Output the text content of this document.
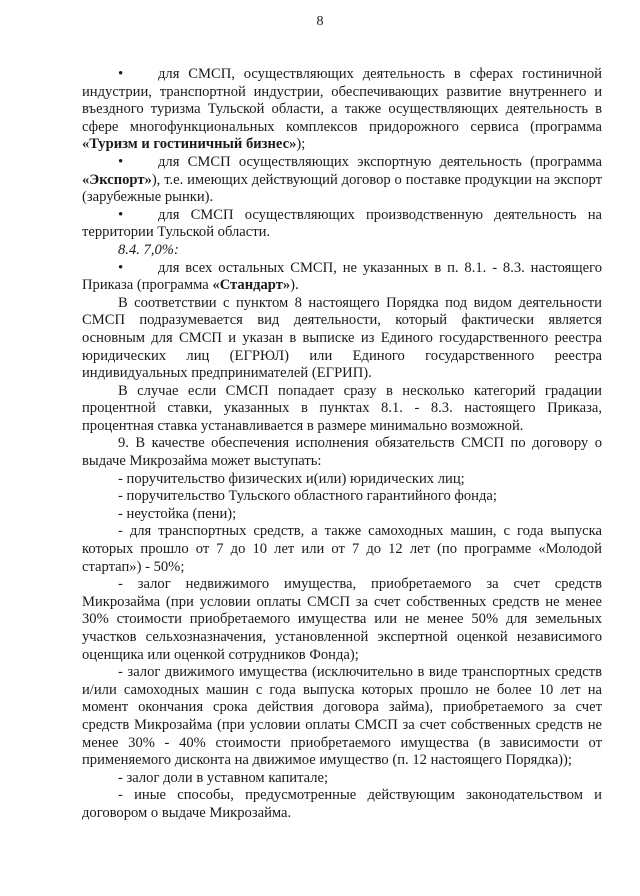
8

• для СМСП, осуществляющих деятельность в сферах гостиничной индустрии, транспортной индустрии, обеспечивающих развитие внутреннего и въездного туризма Тульской области, а также осуществляющих деятельность в сфере многофункциональных комплексов придорожного сервиса (программа «Туризм и гостиничный бизнес»);

• для СМСП осуществляющих экспортную деятельность (программа «Экспорт»), т.е. имеющих действующий договор о поставке продукции на экспорт (зарубежные рынки).

• для СМСП осуществляющих производственную деятельность на территории Тульской области.

8.4. 7,0%:

• для всех остальных СМСП, не указанных в п. 8.1. - 8.3. настоящего Приказа (программа «Стандарт»).

В соответствии с пунктом 8 настоящего Порядка под видом деятельности СМСП подразумевается вид деятельности, который фактически является основным для СМСП и указан в выписке из Единого государственного реестра юридических лиц (ЕГРЮЛ) или Единого государственного реестра индивидуальных предпринимателей (ЕГРИП).

В случае если СМСП попадает сразу в несколько категорий градации процентной ставки, указанных в пунктах 8.1. - 8.3. настоящего Приказа, процентная ставка устанавливается в размере минимально возможной.

9. В качестве обеспечения исполнения обязательств СМСП по договору о выдаче Микрозайма может выступать:

- поручительство физических и(или) юридических лиц;

- поручительство Тульского областного гарантийного фонда;

- неустойка (пени);

- для транспортных средств, а также самоходных машин, с года выпуска которых прошло от 7 до 10 лет или от 7 до 12 лет (по программе «Молодой стартап») - 50%;

- залог недвижимого имущества, приобретаемого за счет средств Микрозайма (при условии оплаты СМСП за счет собственных средств не менее 30% стоимости приобретаемого имущества или не менее 50% для земельных участков сельхозназначения, установленной экспертной оценкой независимого оценщика или оценкой сотрудников Фонда);

- залог движимого имущества (исключительно в виде транспортных средств и/или самоходных машин с года выпуска которых прошло не более 10 лет на момент окончания срока действия договора займа), приобретаемого за счет средств Микрозайма (при условии оплаты СМСП за счет собственных средств не менее 30% - 40% стоимости приобретаемого имущества (в зависимости от применяемого дисконта на движимое имущество (п. 12 настоящего Порядка));

- залог доли в уставном капитале;

- иные способы, предусмотренные действующим законодательством и договором о выдаче Микрозайма.
